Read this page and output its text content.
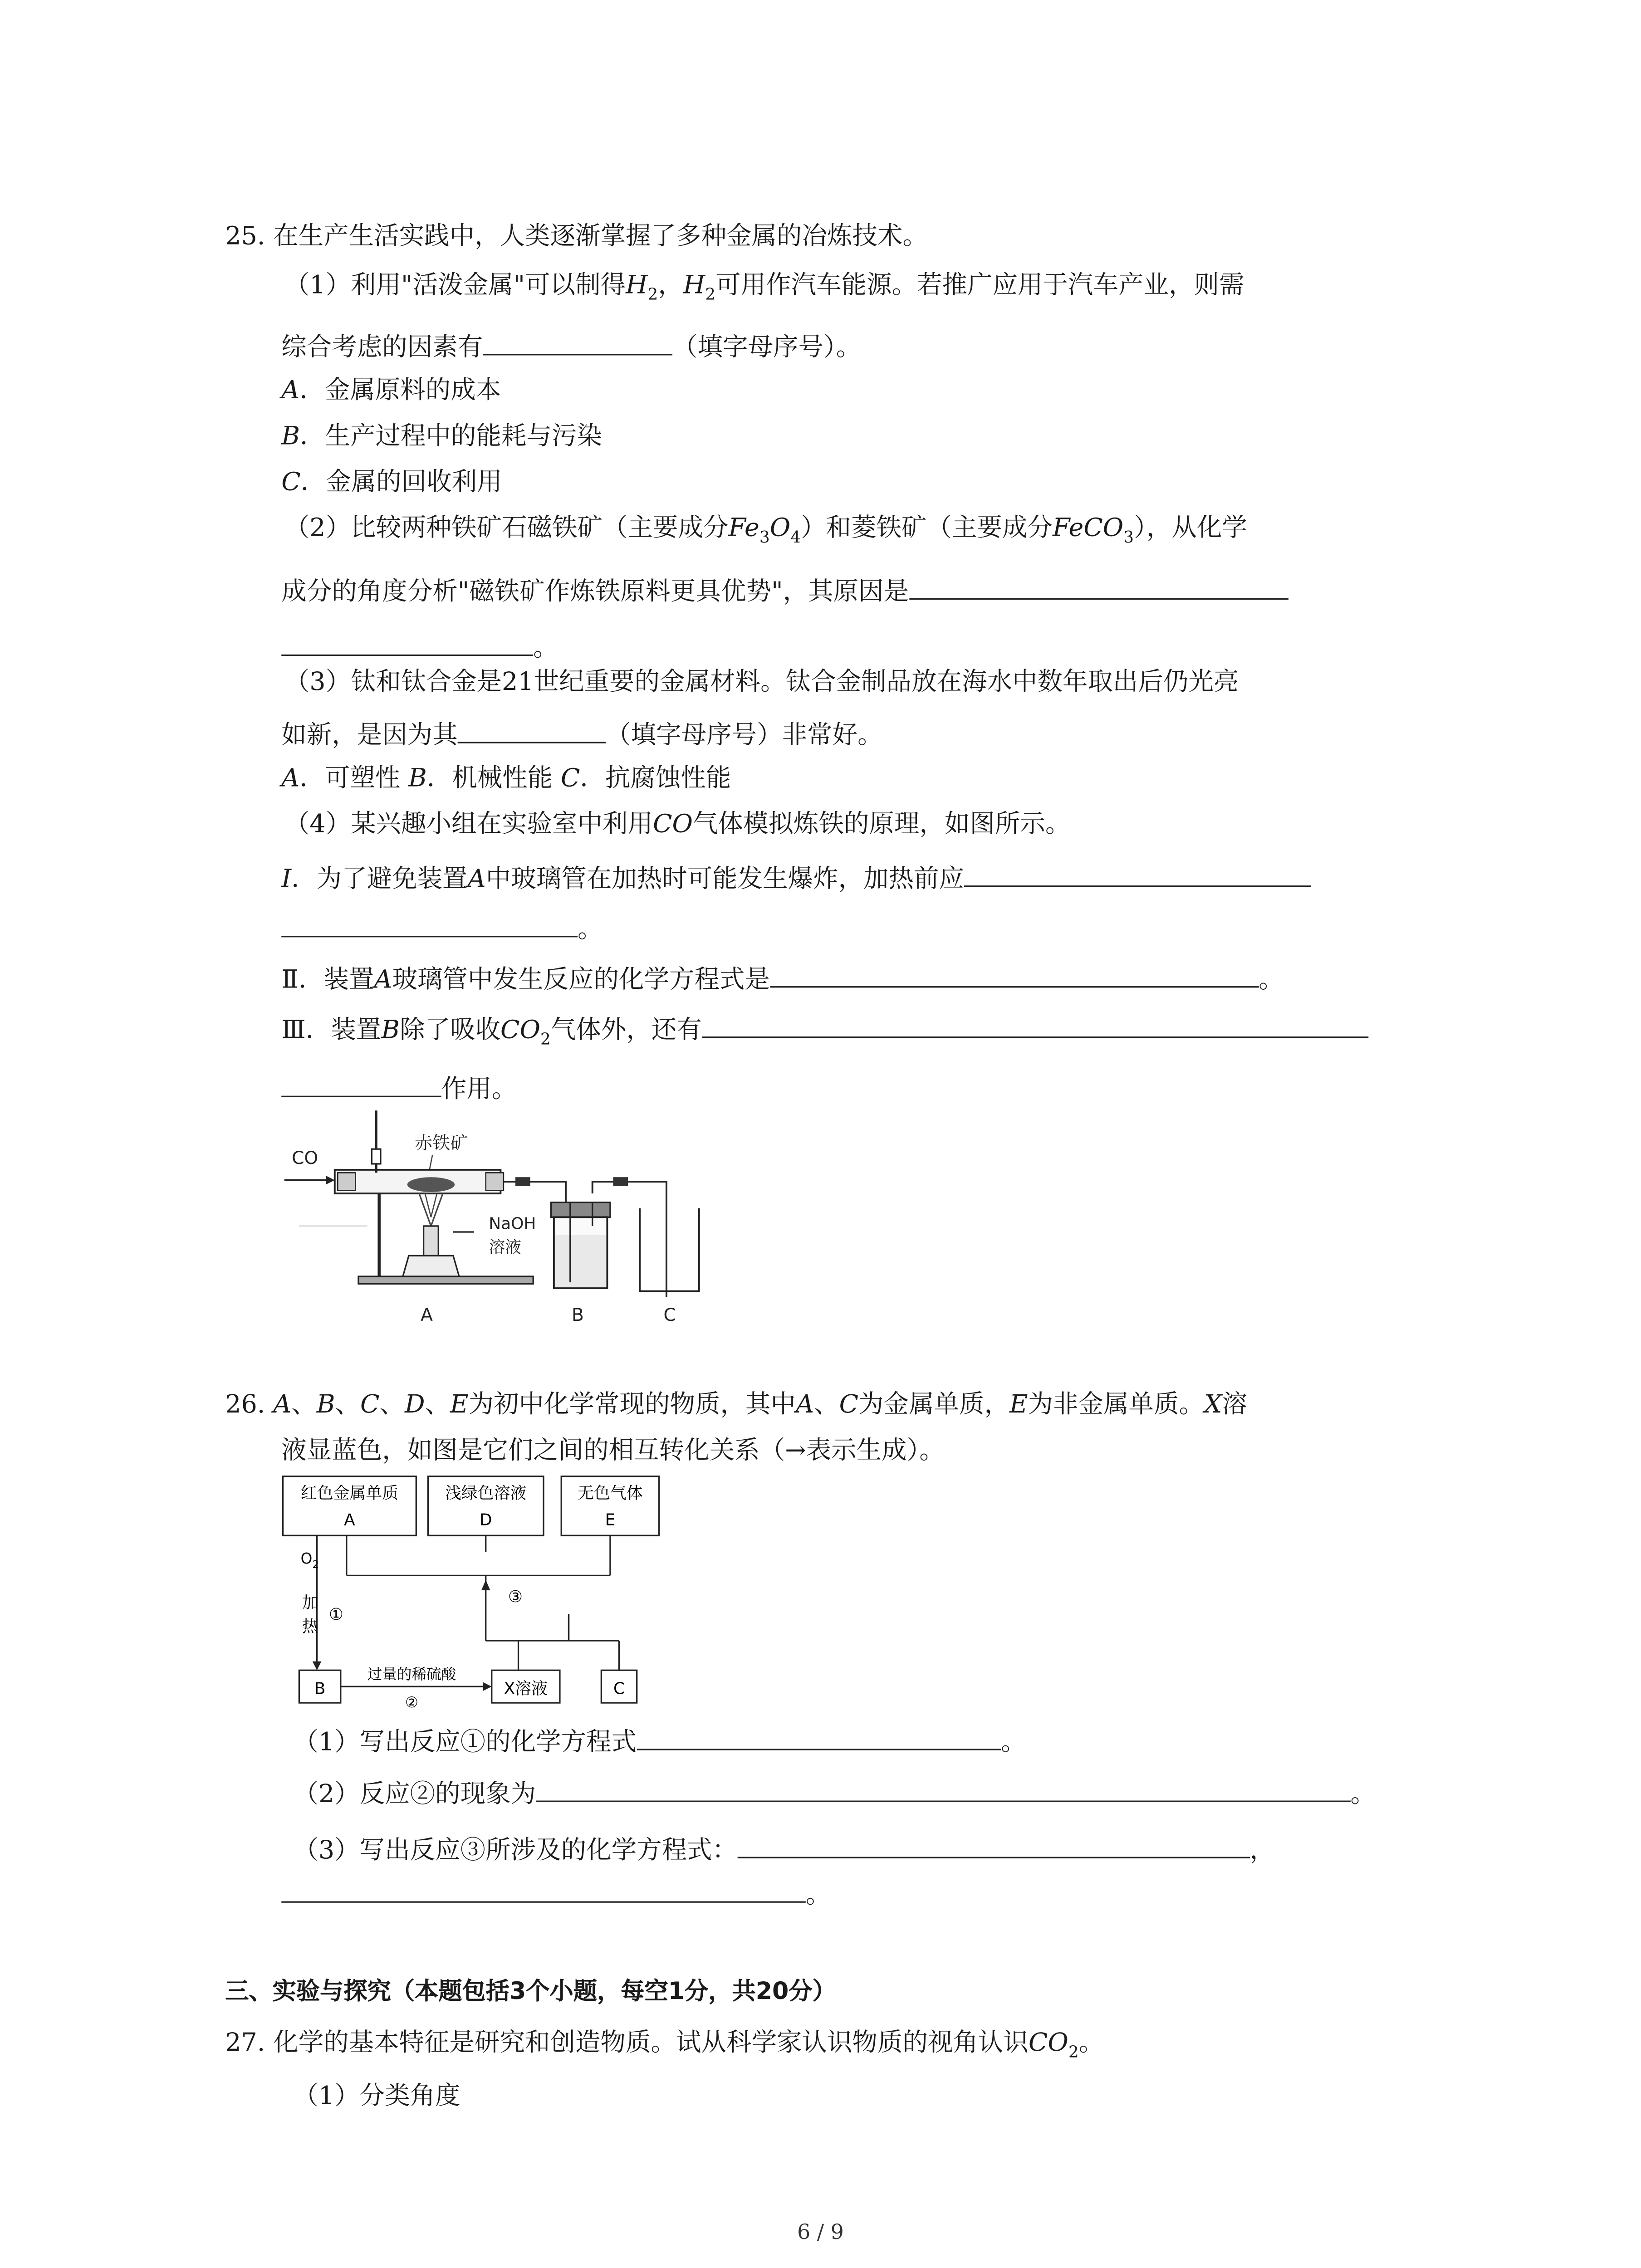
25. 在生产生活实践中，人类逐渐掌握了多种金属的冶炼技术。
（1）利用"活泼金属"可以制得$H_2$，$H_2$可用作汽车能源。若推广应用于汽车产业，则需
综合考虑的因素有	（填字母序号）。
A．金属原料的成本
B．生产过程中的能耗与污染
C．金属的回收利用
（2）比较两种铁矿石磁铁矿（主要成分$Fe_3O_4$）和菱铁矿（主要成分FeCO$_3$），从化学
成分的角度分析"磁铁矿作炼铁原料更具优势"，其原因是
。
（3）钛和钛合金是21世纪重要的金属材料。钛合金制品放在海水中数年取出后仍光亮
如新，是因为其	（填字母序号）非常好。
A．可塑性 B．机械性能 C．抗腐蚀性能
（4）某兴趣小组在实验室中利用CO气体模拟炼铁的原理，如图所示。
I．为了避免装置A中玻璃管在加热时可能发生爆炸，加热前应
。
Ⅱ．装置A玻璃管中发生反应的化学方程式是	。
Ⅲ．装置B除了吸收$CO_2$气体外，还有
作用。
CO
赤铁矿
NaOH
溶液
A	B	C
26. A、B、C、D、E为初中化学常现的物质，其中A、C为金属单质，E为非金属单质。X溶
液显蓝色，如图是它们之间的相互转化关系（→表示生成）。
红色金属单质
A
浅绿色溶液
D
无色气体
E
③
$O_2$
加
热
①
B
过量的稀硫酸
②
X溶液	C
（1）写出反应①的化学方程式	。
（2）反应②的现象为	。
（3）写出反应③所涉及的化学方程式：	，
。
三、实验与探究（本题包括3个小题，每空1分，共20分）
27. 化学的基本特征是研究和创造物质。试从科学家认识物质的视角认识$CO_2$。
（1）分类角度
6 / 9
